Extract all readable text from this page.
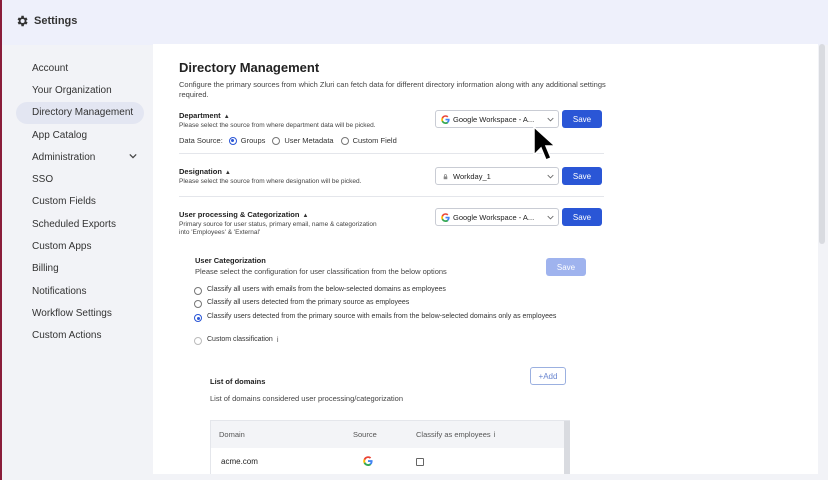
Settings
Account
Your Organization
Directory Management
App Catalog
Administration
SSO
Custom Fields
Scheduled Exports
Custom Apps
Billing
Notifications
Workflow Settings
Custom Actions
Directory Management
Configure the primary sources from which Zluri can fetch data for different directory information along with any additional settings required.
Department ▲
Please select the source from where department data will be picked.
Data Source: Groups	User Metadata	Custom Field
Google Workspace - A...	Save
Designation ▲
Please select the source from where designation will be picked.
Workday_1	Save
User processing & Categorization ▲
Primary source for user status, primary email, name & categorization
into 'Employees' & 'External'
Google Workspace - A...	Save
User Categorization
Please select the configuration for user classification from the below options	Save
Classify all users with emails from the below-selected domains as employees
Classify all users detected from the primary source as employees
Classify users detected from the primary source with emails from the below-selected domains only as employees
Custom classification ⅰ
List of domains
List of domains considered user processing/categorization
+Add
Domain	Source	Classify as employees ⅰ
acme.com
